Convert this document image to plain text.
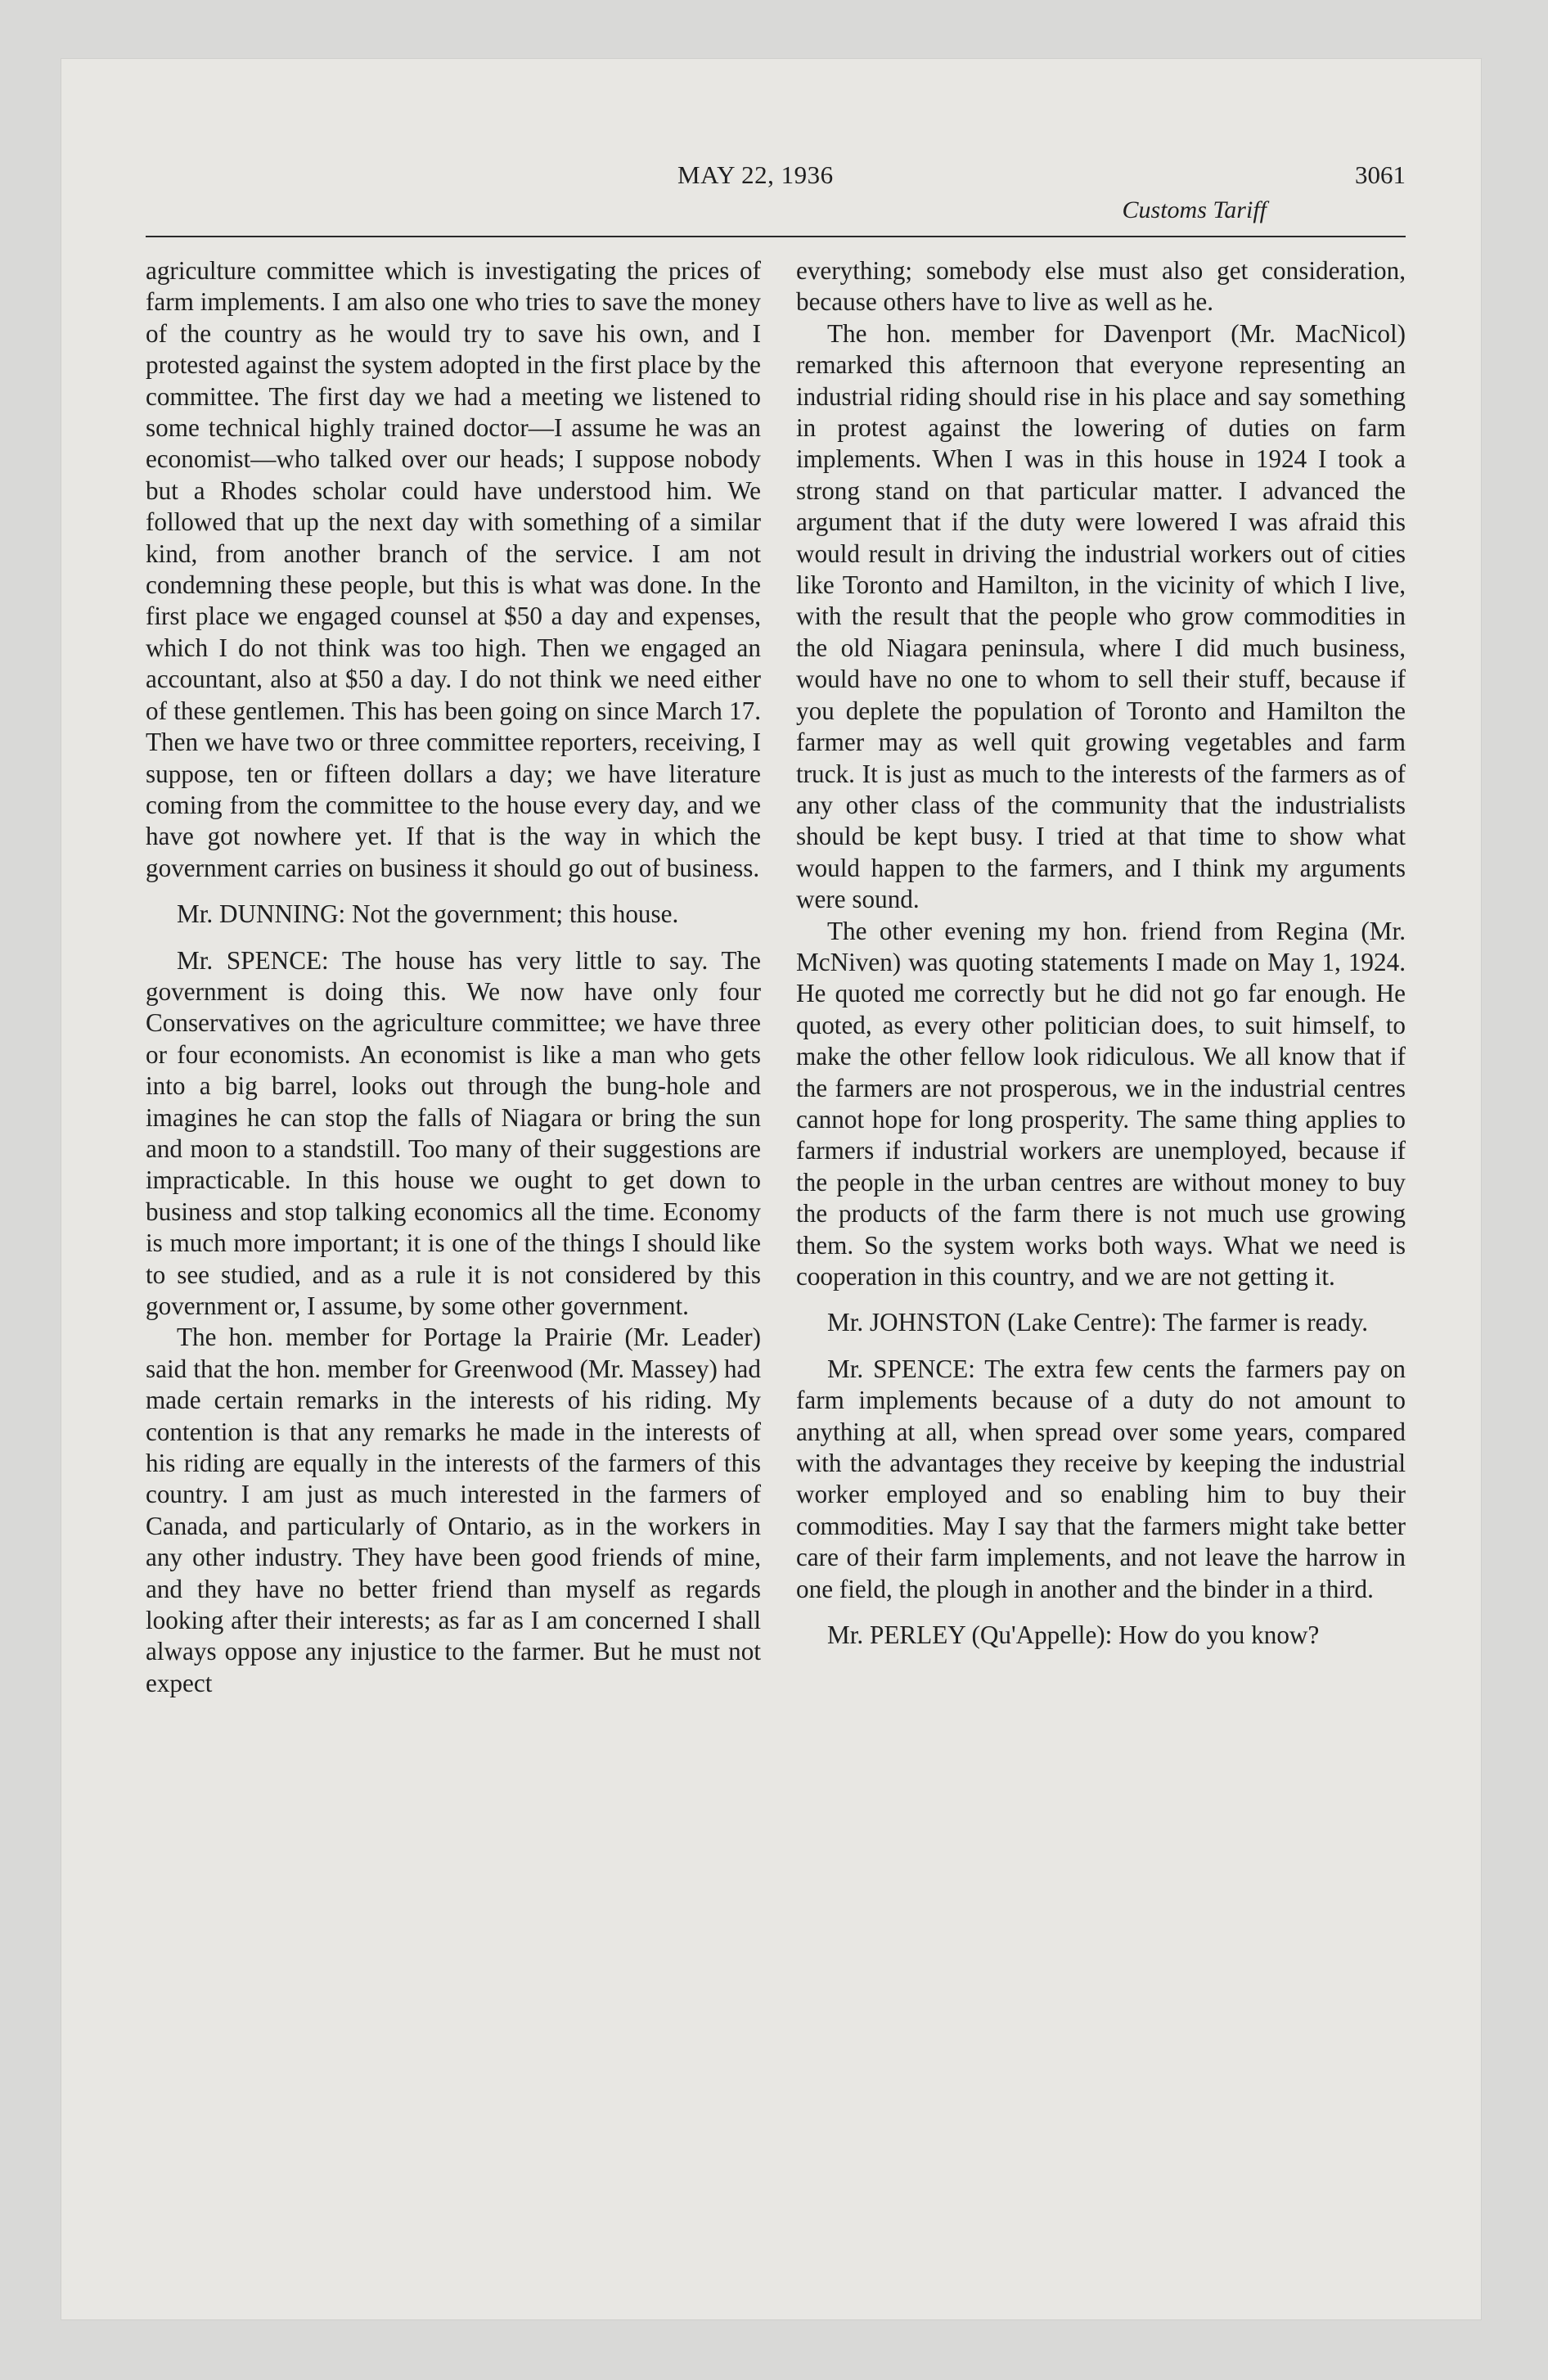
MAY 22, 1936	3061
Customs Tariff

agriculture committee which is investigating the prices of farm implements. I am also one who tries to save the money of the country as he would try to save his own, and I protested against the system adopted in the first place by the committee. The first day we had a meeting we listened to some technical highly trained doctor—I assume he was an economist—who talked over our heads; I suppose nobody but a Rhodes scholar could have understood him. We followed that up the next day with something of a similar kind, from another branch of the service. I am not condemning these people, but this is what was done. In the first place we engaged counsel at $50 a day and expenses, which I do not think was too high. Then we engaged an accountant, also at $50 a day. I do not think we need either of these gentlemen. This has been going on since March 17. Then we have two or three committee reporters, receiving, I suppose, ten or fifteen dollars a day; we have literature coming from the committee to the house every day, and we have got nowhere yet. If that is the way in which the government carries on business it should go out of business.

Mr. DUNNING: Not the government; this house.

Mr. SPENCE: The house has very little to say. The government is doing this. We now have only four Conservatives on the agriculture committee; we have three or four economists. An economist is like a man who gets into a big barrel, looks out through the bung-hole and imagines he can stop the falls of Niagara or bring the sun and moon to a standstill. Too many of their suggestions are impracticable. In this house we ought to get down to business and stop talking economics all the time. Economy is much more important; it is one of the things I should like to see studied, and as a rule it is not considered by this government or, I assume, by some other government.

The hon. member for Portage la Prairie (Mr. Leader) said that the hon. member for Greenwood (Mr. Massey) had made certain remarks in the interests of his riding. My contention is that any remarks he made in the interests of his riding are equally in the interests of the farmers of this country. I am just as much interested in the farmers of Canada, and particularly of Ontario, as in the workers in any other industry. They have been good friends of mine, and they have no better friend than myself as regards looking after their interests; as far as I am concerned I shall always oppose any injustice to the farmer. But he must not expect

everything; somebody else must also get consideration, because others have to live as well as he.

The hon. member for Davenport (Mr. MacNicol) remarked this afternoon that everyone representing an industrial riding should rise in his place and say something in protest against the lowering of duties on farm implements. When I was in this house in 1924 I took a strong stand on that particular matter. I advanced the argument that if the duty were lowered I was afraid this would result in driving the industrial workers out of cities like Toronto and Hamilton, in the vicinity of which I live, with the result that the people who grow commodities in the old Niagara peninsula, where I did much business, would have no one to whom to sell their stuff, because if you deplete the population of Toronto and Hamilton the farmer may as well quit growing vegetables and farm truck. It is just as much to the interests of the farmers as of any other class of the community that the industrialists should be kept busy. I tried at that time to show what would happen to the farmers, and I think my arguments were sound.

The other evening my hon. friend from Regina (Mr. McNiven) was quoting statements I made on May 1, 1924. He quoted me correctly but he did not go far enough. He quoted, as every other politician does, to suit himself, to make the other fellow look ridiculous. We all know that if the farmers are not prosperous, we in the industrial centres cannot hope for long prosperity. The same thing applies to farmers if industrial workers are unemployed, because if the people in the urban centres are without money to buy the products of the farm there is not much use growing them. So the system works both ways. What we need is cooperation in this country, and we are not getting it.

Mr. JOHNSTON (Lake Centre): The farmer is ready.

Mr. SPENCE: The extra few cents the farmers pay on farm implements because of a duty do not amount to anything at all, when spread over some years, compared with the advantages they receive by keeping the industrial worker employed and so enabling him to buy their commodities. May I say that the farmers might take better care of their farm implements, and not leave the harrow in one field, the plough in another and the binder in a third.

Mr. PERLEY (Qu'Appelle): How do you know?
